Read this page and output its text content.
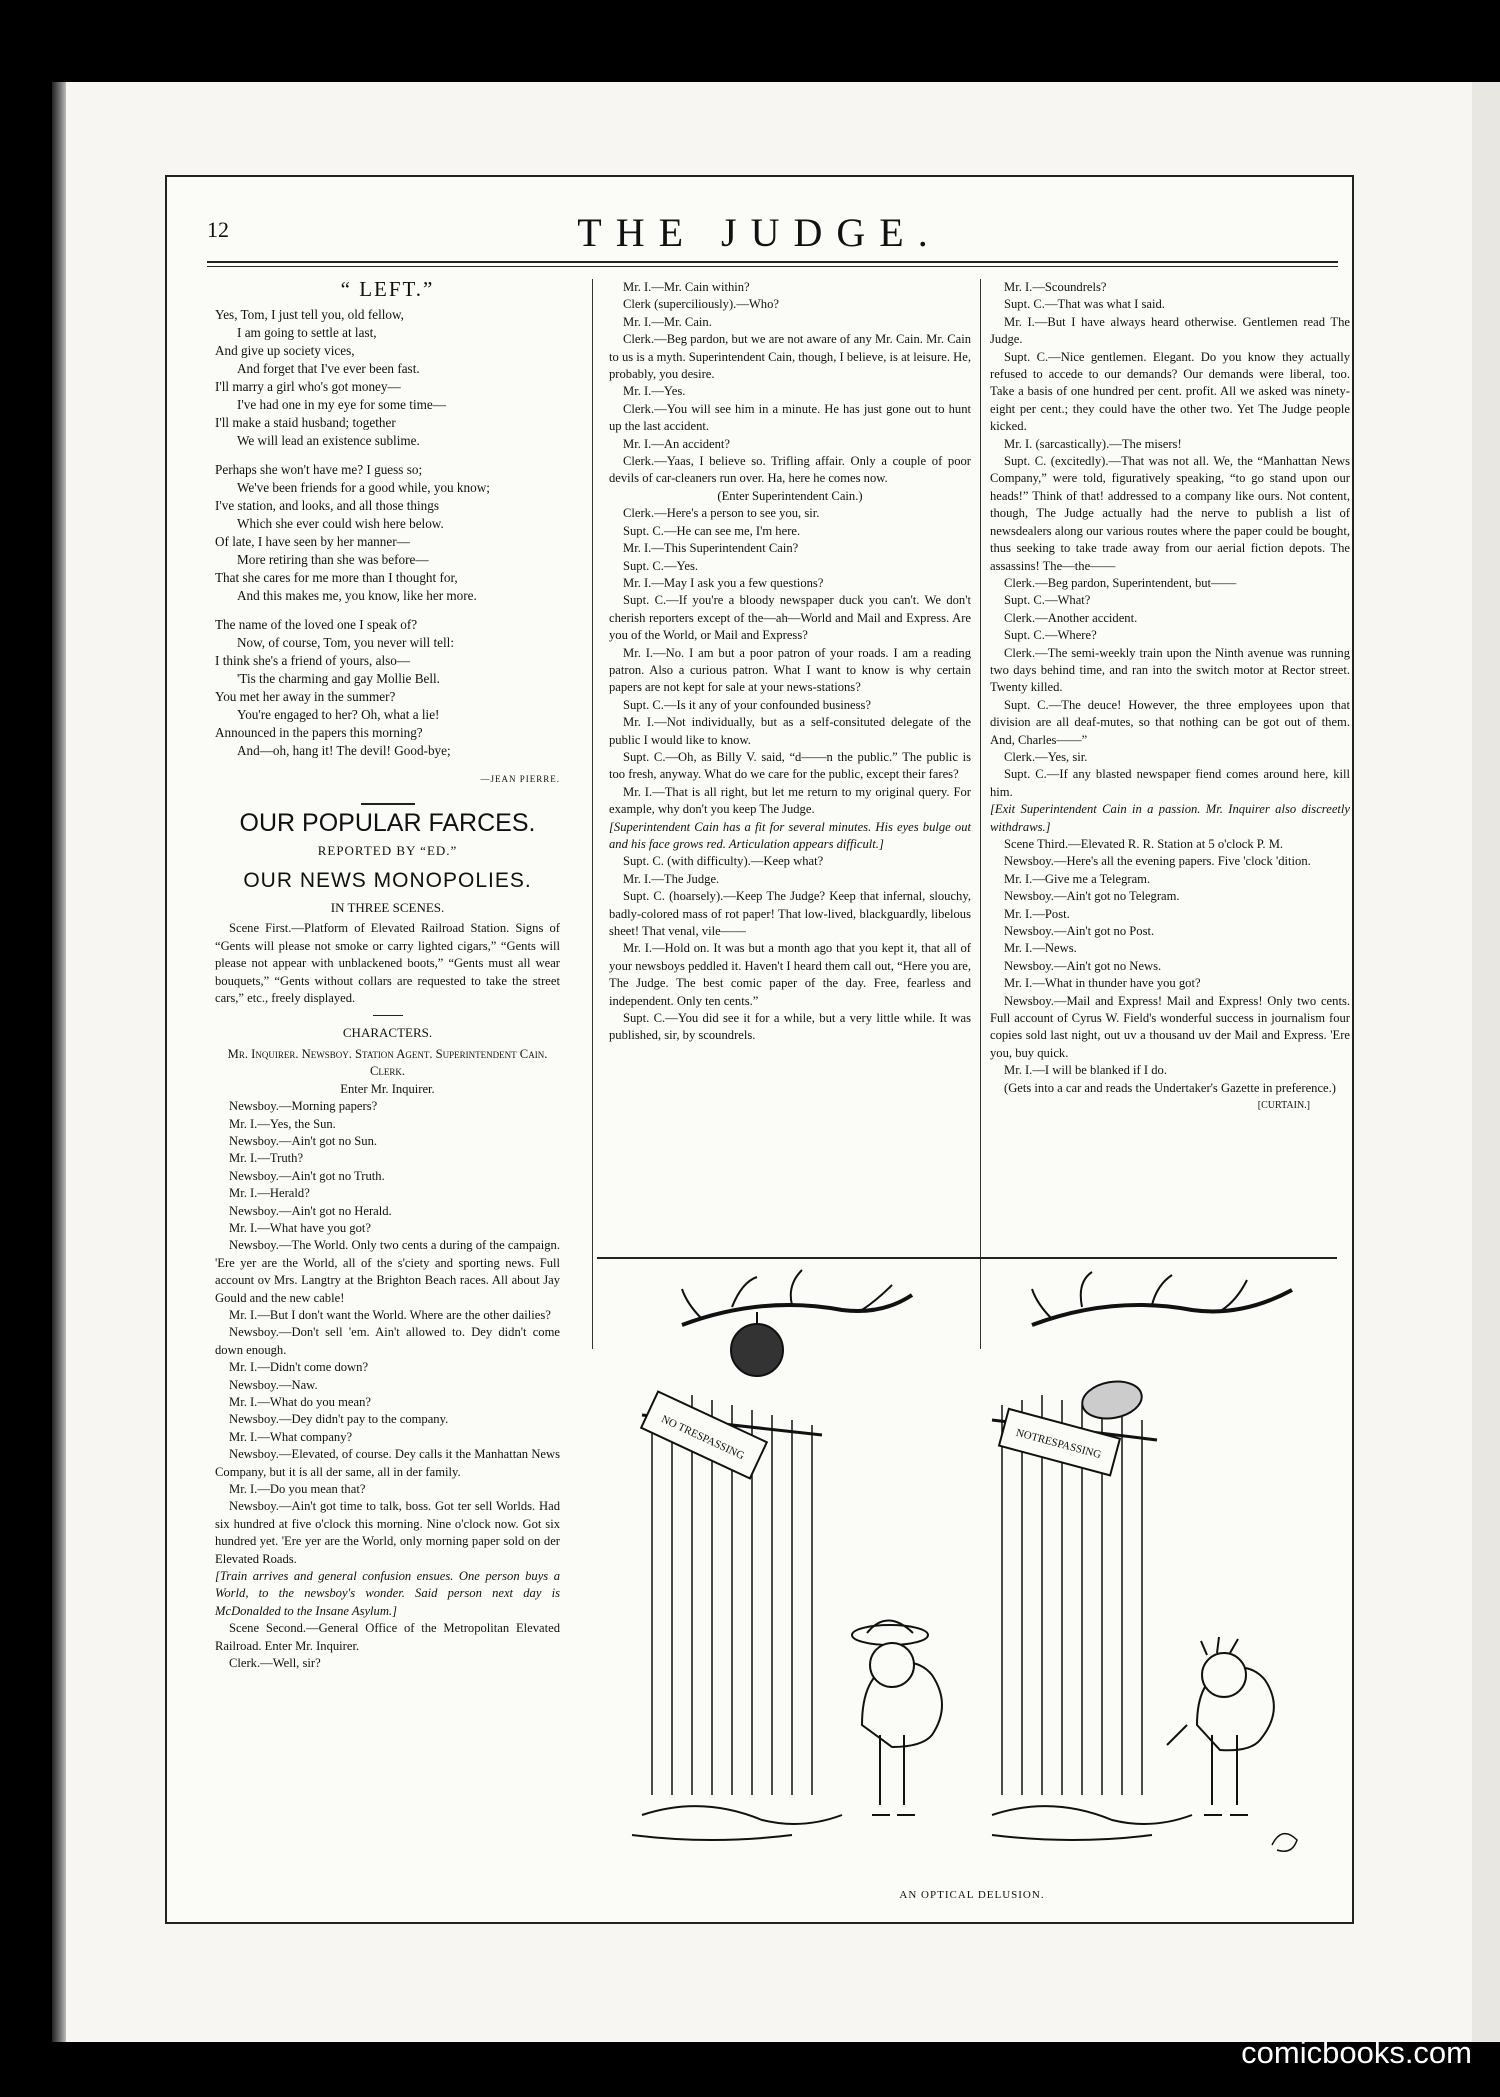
12	THE JUDGE.
“ LEFT.”
Yes, Tom, I just tell you, old fellow,
I am going to settle at last,
And give up society vices,
And forget that I've ever been fast.
I'll marry a girl who's got money—
I've had one in my eye for some time—
I'll make a staid husband; together
We will lead an existence sublime.
Perhaps she won't have me? I guess so;
We've been friends for a good while, you know;
I've station, and looks, and all those things
Which she ever could wish here below.
Of late, I have seen by her manner—
More retiring than she was before—
That she cares for me more than I thought for,
And this makes me, you know, like her more.
The name of the loved one I speak of?
Now, of course, Tom, you never will tell:
I think she's a friend of yours, also—
'Tis the charming and gay Mollie Bell.
You met her away in the summer?
You're engaged to her? Oh, what a lie!
Announced in the papers this morning?
And—oh, hang it! The devil! Good-bye;
—JEAN PIERRE.
OUR POPULAR FARCES.
REPORTED BY “ED.”
OUR NEWS MONOPOLIES.
IN THREE SCENES.

Scene First.—Platform of Elevated Railroad Station. Signs of “Gents will please not smoke or carry lighted cigars,” “Gents will please not appear with unblackened boots,” “Gents must all wear bouquets,” “Gents without collars are requested to take the street cars,” etc., freely displayed.

CHARACTERS.
Mr. Inquirer. Newsboy. Station Agent. Superintendent Cain. Clerk.
Enter Mr. Inquirer.

Newsboy.—Morning papers?

Mr. I.—Yes, the Sun.

Newsboy.—Ain't got no Sun.

Mr. I.—Truth?

Newsboy.—Ain't got no Truth.

Mr. I.—Herald?

Newsboy.—Ain't got no Herald.

Mr. I.—What have you got?

Newsboy.—The World. Only two cents a during of the campaign. 'Ere yer are the World, all of the s'ciety and sporting news. Full account ov Mrs. Langtry at the Brighton Beach races. All about Jay Gould and the new cable!

Mr. I.—But I don't want the World. Where are the other dailies?

Newsboy.—Don't sell 'em. Ain't allowed to. Dey didn't come down enough.

Mr. I.—Didn't come down?

Newsboy.—Naw.

Mr. I.—What do you mean?

Newsboy.—Dey didn't pay to the company.

Mr. I.—What company?

Newsboy.—Elevated, of course. Dey calls it the Manhattan News Company, but it is all der same, all in der family.

Mr. I.—Do you mean that?

Newsboy.—Ain't got time to talk, boss. Got ter sell Worlds. Had six hundred at five o'clock this morning. Nine o'clock now. Got six hundred yet. 'Ere yer are the World, only morning paper sold on der Elevated Roads.

[Train arrives and general confusion ensues. One person buys a World, to the newsboy's wonder. Said person next day is McDonalded to the Insane Asylum.]

Scene Second.—General Office of the Metropolitan Elevated Railroad. Enter Mr. Inquirer.

Clerk.—Well, sir?

Mr. I.—Mr. Cain within?

Clerk (superciliously).—Who?

Mr. I.—Mr. Cain.

Clerk.—Beg pardon, but we are not aware of any Mr. Cain. Mr. Cain to us is a myth. Superintendent Cain, though, I believe, is at leisure. He, probably, you desire.

Mr. I.—Yes.

Clerk.—You will see him in a minute. He has just gone out to hunt up the last accident.

Mr. I.—An accident?

Clerk.—Yaas, I believe so. Trifling affair. Only a couple of poor devils of car-cleaners run over. Ha, here he comes now.

(Enter Superintendent Cain.)

Clerk.—Here's a person to see you, sir.

Supt. C.—He can see me, I'm here.

Mr. I.—This Superintendent Cain?

Supt. C.—Yes.

Mr. I.—May I ask you a few questions?

Supt. C.—If you're a bloody newspaper duck you can't. We don't cherish reporters except of the—ah—World and Mail and Express. Are you of the World, or Mail and Express?

Mr. I.—No. I am but a poor patron of your roads. I am a reading patron. Also a curious patron. What I want to know is why certain papers are not kept for sale at your news-stations?

Supt. C.—Is it any of your confounded business?

Mr. I.—Not individually, but as a self-consituted delegate of the public I would like to know.

Supt. C.—Oh, as Billy V. said, “d——n the public.” The public is too fresh, anyway. What do we care for the public, except their fares?

Mr. I.—That is all right, but let me return to my original query. For example, why don't you keep The Judge.

[Superintendent Cain has a fit for several minutes. His eyes bulge out and his face grows red. Articulation appears difficult.]

Supt. C. (with difficulty).—Keep what?

Mr. I.—The Judge.

Supt. C. (hoarsely).—Keep The Judge? Keep that infernal, slouchy, badly-colored mass of rot paper! That low-lived, blackguardly, libelous sheet! That venal, vile——

Mr. I.—Hold on. It was but a month ago that you kept it, that all of your newsboys peddled it. Haven't I heard them call out, “Here you are, The Judge. The best comic paper of the day. Free, fearless and independent. Only ten cents.”

Supt. C.—You did see it for a while, but a very little while. It was published, sir, by scoundrels.

Mr. I.—Scoundrels?

Supt. C.—That was what I said.

Mr. I.—But I have always heard otherwise. Gentlemen read The Judge.

Supt. C.—Nice gentlemen. Elegant. Do you know they actually refused to accede to our demands? Our demands were liberal, too. Take a basis of one hundred per cent. profit. All we asked was ninety-eight per cent.; they could have the other two. Yet The Judge people kicked.

Mr. I. (sarcastically).—The misers!

Supt. C. (excitedly).—That was not all. We, the “Manhattan News Company,” were told, figuratively speaking, “to go stand upon our heads!” Think of that! addressed to a company like ours. Not content, though, The Judge actually had the nerve to publish a list of newsdealers along our various routes where the paper could be bought, thus seeking to take trade away from our aerial fiction depots. The assassins! The—the——

Clerk.—Beg pardon, Superintendent, but——

Supt. C.—What?

Clerk.—Another accident.

Supt. C.—Where?

Clerk.—The semi-weekly train upon the Ninth avenue was running two days behind time, and ran into the switch motor at Rector street. Twenty killed.

Supt. C.—The deuce! However, the three employees upon that division are all deaf-mutes, so that nothing can be got out of them. And, Charles——”

Clerk.—Yes, sir.

Supt. C.—If any blasted newspaper fiend comes around here, kill him.

[Exit Superintendent Cain in a passion. Mr. Inquirer also discreetly withdraws.]

Scene Third.—Elevated R. R. Station at 5 o'clock P. M.

Newsboy.—Here's all the evening papers. Five 'clock 'dition.

Mr. I.—Give me a Telegram.

Newsboy.—Ain't got no Telegram.

Mr. I.—Post.

Newsboy.—Ain't got no Post.

Mr. I.—News.

Newsboy.—Ain't got no News.

Mr. I.—What in thunder have you got?

Newsboy.—Mail and Express! Mail and Express! Only two cents. Full account of Cyrus W. Field's wonderful success in journalism four copies sold last night, out uv a thousand uv der Mail and Express. 'Ere you, buy quick.

Mr. I.—I will be blanked if I do.

(Gets into a car and reads the Undertaker's Gazette in preference.)

[CURTAIN.]

NO TRESPASSING	NOTRESPASSING
AN OPTICAL DELUSION.
comicbooks.com
